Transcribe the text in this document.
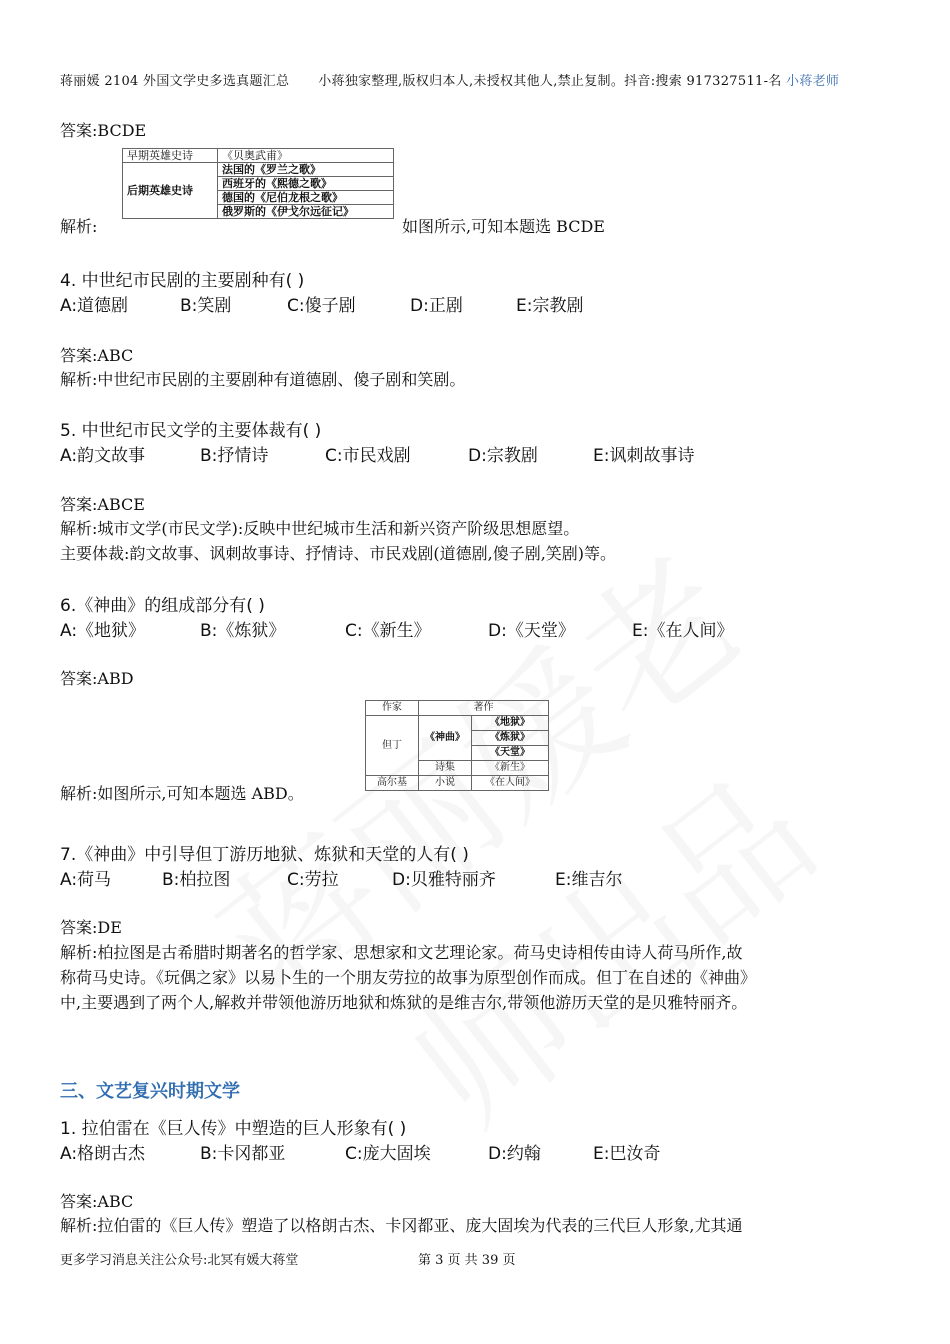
蒋丽媛 2104 外国文学史多选真题汇总 小蒋独家整理,版权归本人,未授权其他人,禁止复制。抖音:搜索 917327511-名 小蒋老师
答案:BCDE
解析:
早期英雄史诗	《贝奥武甫》
后期英雄史诗	法国的《罗兰之歌》
西班牙的《熙德之歌》
德国的《尼伯龙根之歌》
俄罗斯的《伊戈尔远征记》
如图所示,可知本题选 BCDE
4. 中世纪市民剧的主要剧种有( )
A:道德剧	B:笑剧	C:傻子剧	D:正剧	E:宗教剧
答案:ABC
解析:中世纪市民剧的主要剧种有道德剧、傻子剧和笑剧。
5. 中世纪市民文学的主要体裁有( )
A:韵文故事	B:抒情诗	C:市民戏剧	D:宗教剧	E:讽刺故事诗
答案:ABCE
解析:城市文学(市民文学):反映中世纪城市生活和新兴资产阶级思想愿望。
主要体裁:韵文故事、讽刺故事诗、抒情诗、市民戏剧(道德剧,傻子剧,笑剧)等。
6.《神曲》的组成部分有( )
A:《地狱》	B:《炼狱》	C:《新生》	D:《天堂》	E:《在人间》
答案:ABD
作家	著作	
但丁	《神曲》	《地狱》
		《炼狱》
		《天堂》
	诗集	《新生》
高尔基	小说	《在人间》
解析:如图所示,可知本题选 ABD。
7.《神曲》中引导但丁游历地狱、炼狱和天堂的人有( )
A:荷马	B:柏拉图	C:劳拉	D:贝雅特丽齐	E:维吉尔
答案:DE
解析:柏拉图是古希腊时期著名的哲学家、思想家和文艺理论家。荷马史诗相传由诗人荷马所作,故
称荷马史诗。《玩偶之家》以易卜生的一个朋友劳拉的故事为原型创作而成。但丁在自述的《神曲》
中,主要遇到了两个人,解救并带领他游历地狱和炼狱的是维吉尔,带领他游历天堂的是贝雅特丽齐。
三、文艺复兴时期文学
1. 拉伯雷在《巨人传》中塑造的巨人形象有( )
A:格朗古杰	B:卡冈都亚	C:庞大固埃	D:约翰	E:巴汝奇
答案:ABC
解析:拉伯雷的《巨人传》塑造了以格朗古杰、卡冈都亚、庞大固埃为代表的三代巨人形象,尤其通
更多学习消息关注公众号:北冥有媛大蒋堂	第 3 页 共 39 页
